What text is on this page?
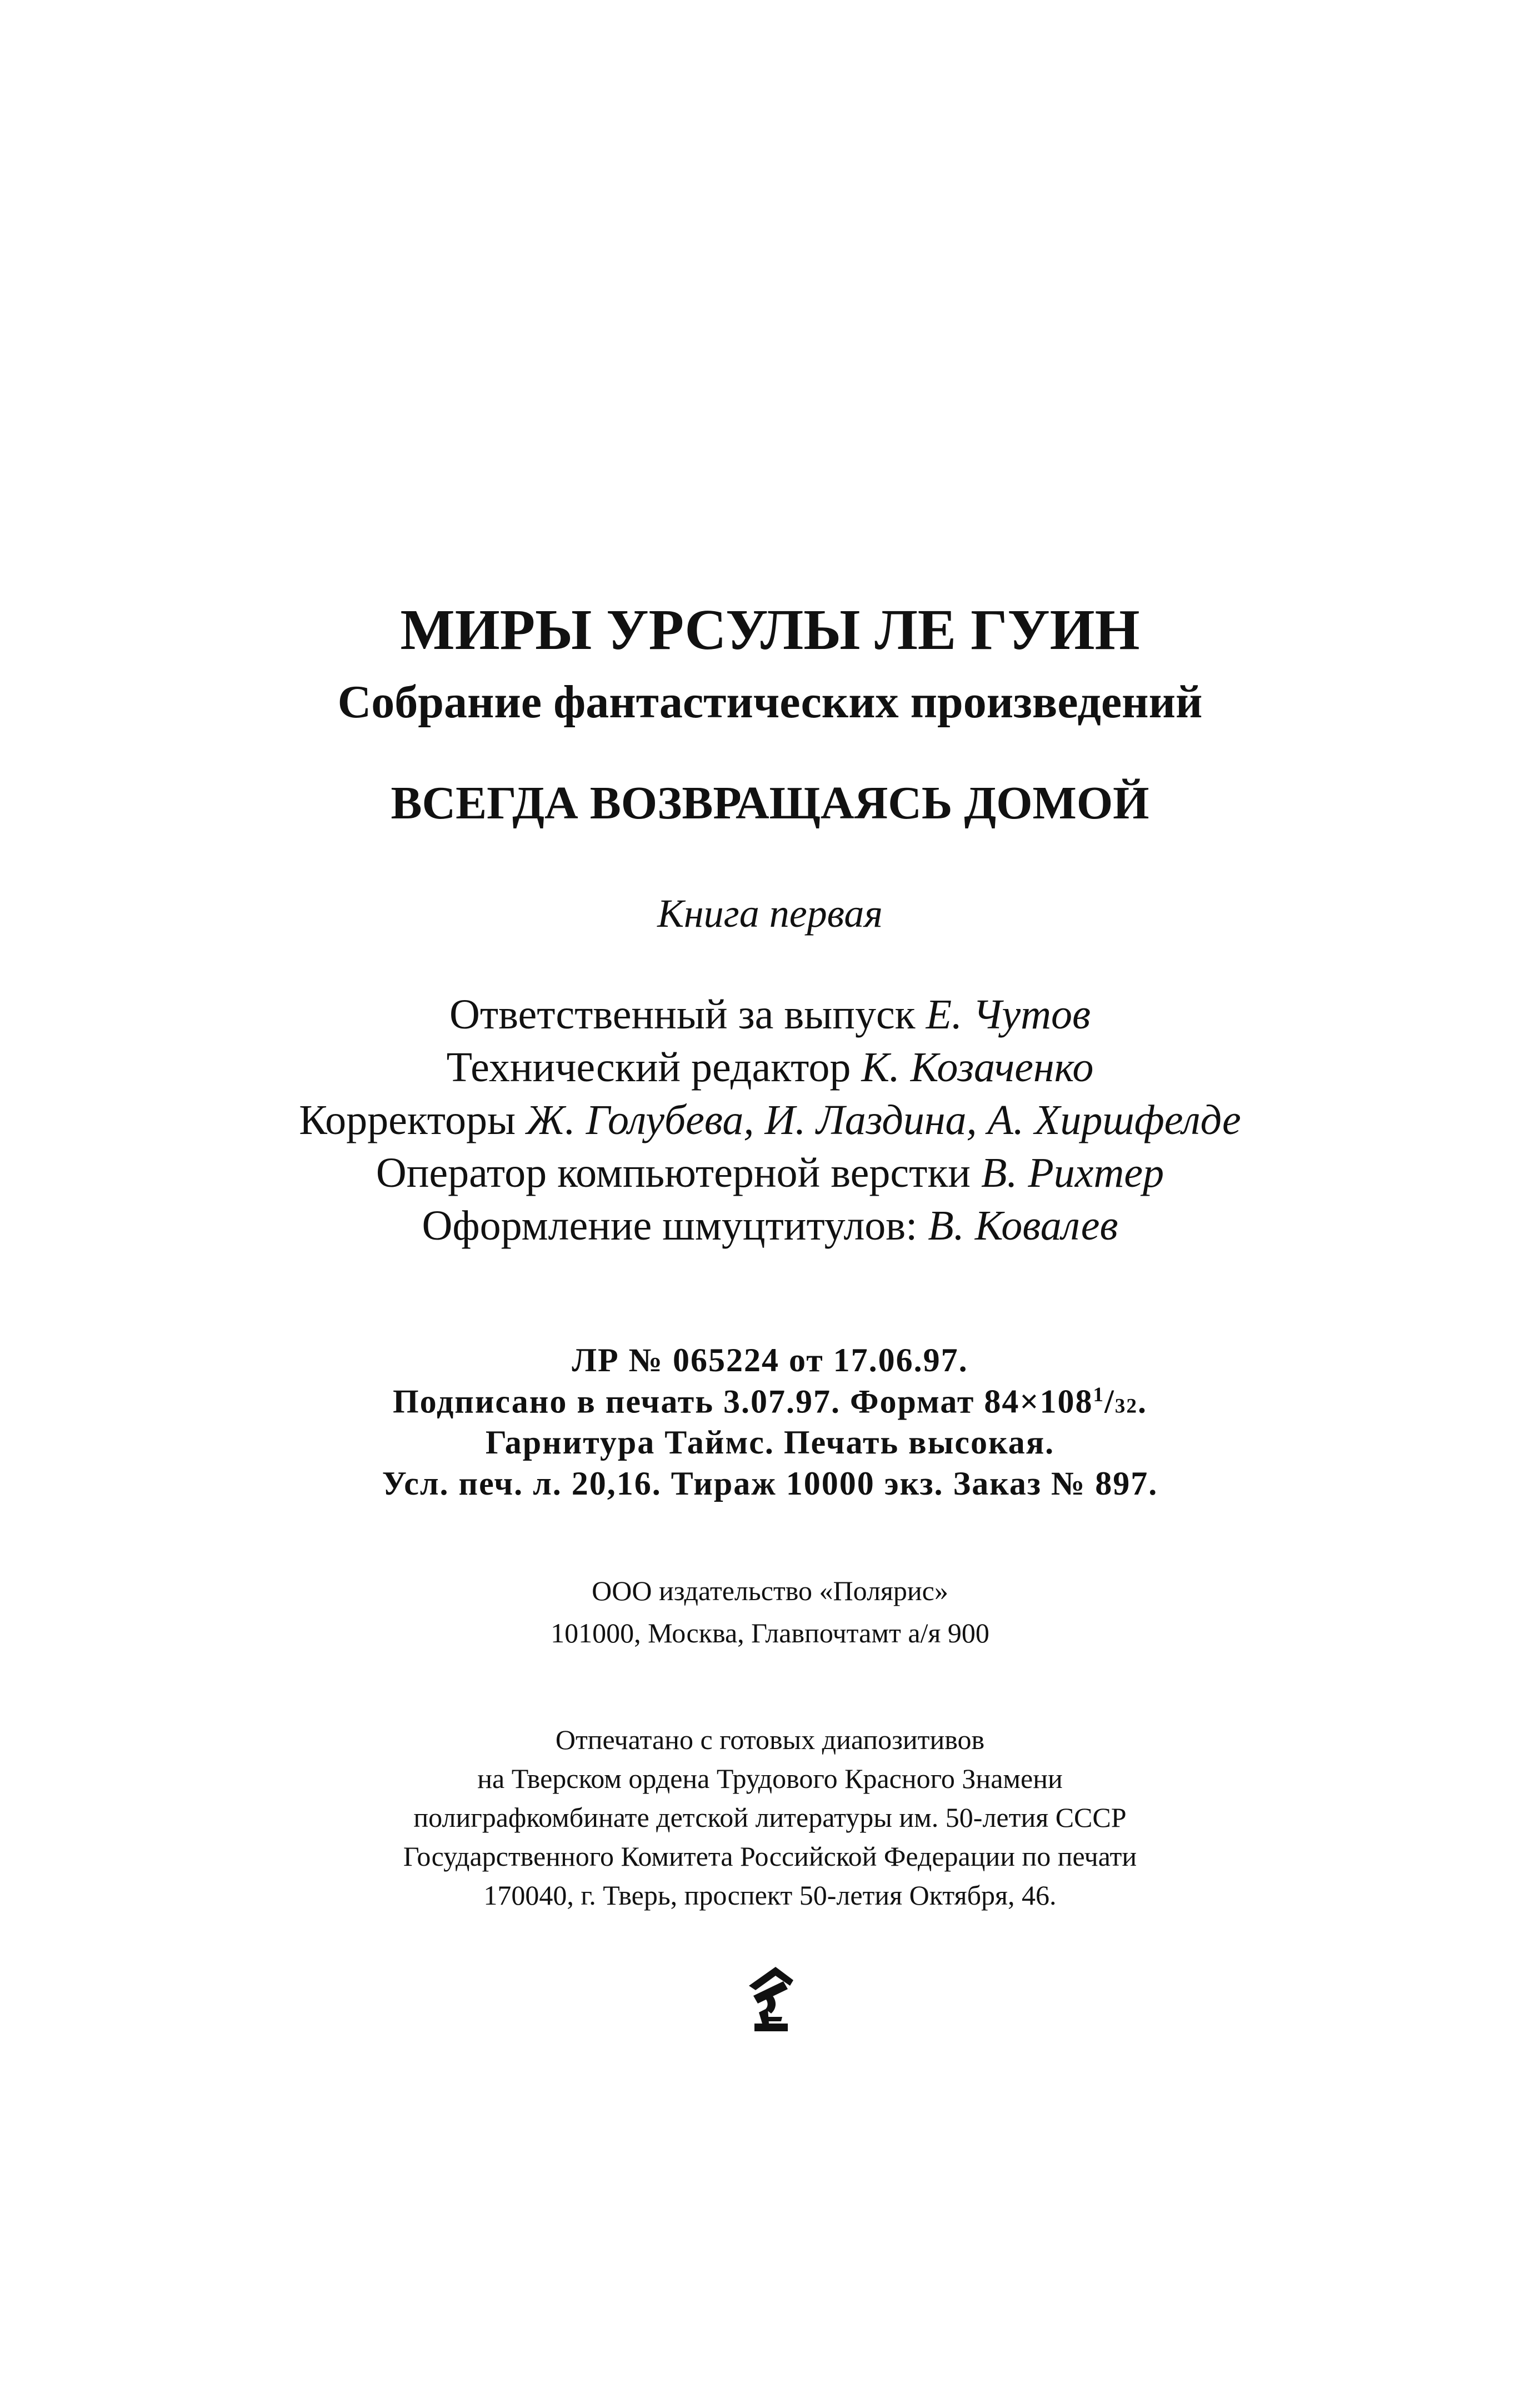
МИРЫ УРСУЛЫ ЛЕ ГУИН
Собрание фантастических произведений
ВСЕГДА ВОЗВРАЩАЯСЬ ДОМОЙ
Книга первая
Ответственный за выпуск Е. Чутов
Технический редактор К. Козаченко
Корректоры Ж. Голубева, И. Лаздина, А. Хиршфелде
Оператор компьютерной верстки В. Рихтер
Оформление шмуцтитулов: В. Ковалев
ЛР № 065224 от 17.06.97.
Подписано в печать 3.07.97. Формат $84\times 108^1/32$.
Гарнитура Таймс. Печать высокая.
Усл. печ. л. 20,16. Тираж 10000 экз. Заказ № 897.
ООО издательство «Полярис»
101000, Москва, Главпочтамт а/я 900
Отпечатано с готовых диапозитивов
на Тверском ордена Трудового Красного Знамени
полиграфкомбинате детской литературы им. 50-летия СССР
Государственного Комитета Российской Федерации по печати
170040, г. Тверь, проспект 50-летия Октября, 46.
